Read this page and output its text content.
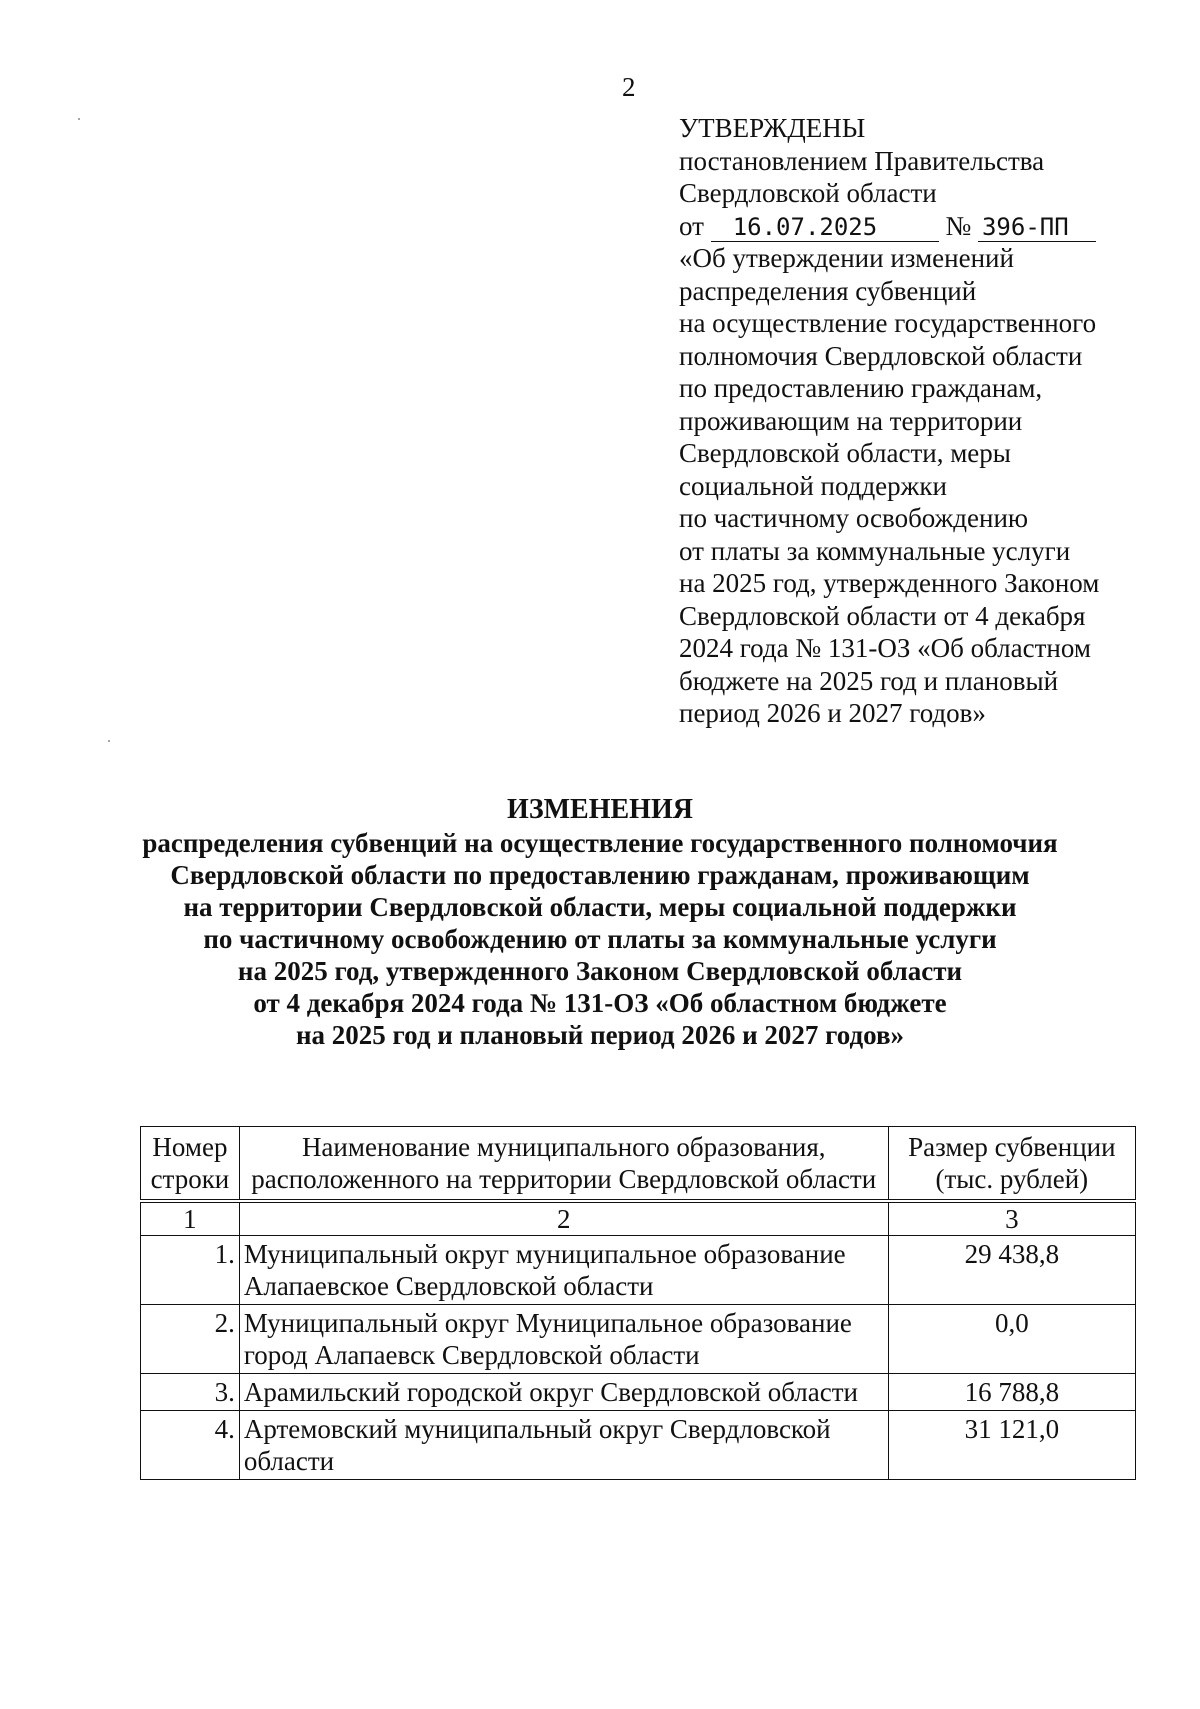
2
УТВЕРЖДЕНЫ
постановлением Правительства
Свердловской области
от 16.07.2025	№ 396-ПП
«Об утверждении изменений
распределения субвенций
на осуществление государственного
полномочия Свердловской области
по предоставлению гражданам,
проживающим на территории
Свердловской области, меры
социальной поддержки
по частичному освобождению
от платы за коммунальные услуги
на 2025 год, утвержденного Законом
Свердловской области от 4 декабря
2024 года № 131-ОЗ «Об областном
бюджете на 2025 год и плановый
период 2026 и 2027 годов»
ИЗМЕНЕНИЯ
распределения субвенций на осуществление государственного полномочия
Свердловской области по предоставлению гражданам, проживающим
на территории Свердловской области, меры социальной поддержки
по частичному освобождению от платы за коммунальные услуги
на 2025 год, утвержденного Законом Свердловской области
от 4 декабря 2024 года № 131-ОЗ «Об областном бюджете
на 2025 год и плановый период 2026 и 2027 годов»
Номер строки	Наименование муниципального образования, расположенного на территории Свердловской области	Размер субвенции (тыс. рублей)
1	2	3
1.	Муниципальный округ муниципальное образование Алапаевское Свердловской области	29 438,8
2.	Муниципальный округ Муниципальное образование город Алапаевск Свердловской области	0,0
3.	Арамильский городской округ Свердловской области	16 788,8
4.	Артемовский муниципальный округ Свердловской области	31 121,0
